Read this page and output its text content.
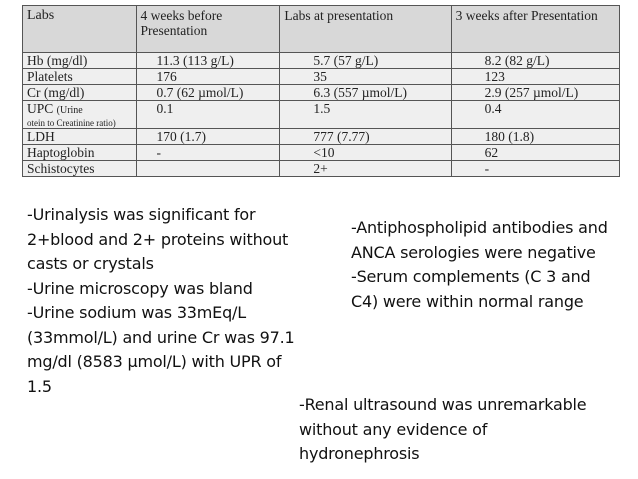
Labs	4 weeks before Presentation	Labs at presentation	3 weeks after Presentation
Hb (mg/dl)	11.3 (113 g/L)	5.7 (57 g/L)	8.2 (82 g/L)
Platelets	176	35	123
Cr (mg/dl)	0.7 (62 µmol/L)	6.3 (557 µmol/L)	2.9 (257 µmol/L)
UPC (Urine
otein to Creatinine ratio)	0.1	1.5	0.4
LDH	170 (1.7)	777 (7.77)	180 (1.8)
Haptoglobin	-	<10	62
Schistocytes		2+	-

-Urinalysis was significant for 2+blood and 2+ proteins without casts or crystals

-Urine microscopy was bland

-Urine sodium was 33mEq/L (33mmol/L) and urine Cr was 97.1 mg/dl (8583 µmol/L) with UPR of 1.5

-Antiphospholipid antibodies and ANCA serologies were negative

-Serum complements (C 3 and C4) were within normal range

-Renal ultrasound was unremarkable without any evidence of hydronephrosis
